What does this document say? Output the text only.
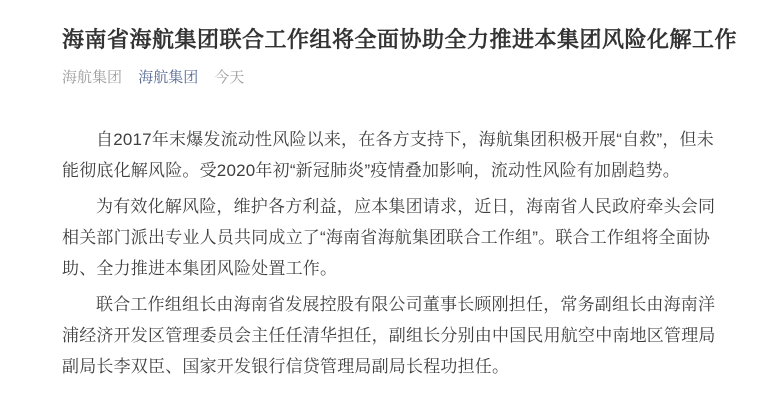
海南省海航集团联合工作组将全面协助全力推进本集团风险化解工作
海航集团 海航集团 今天
自2017年末爆发流动性风险以来，在各方支持下，海航集团积极开展“自救”，但未
能彻底化解风险。受2020年初“新冠肺炎”疫情叠加影响，流动性风险有加剧趋势。
为有效化解风险，维护各方利益，应本集团请求，近日，海南省人民政府牵头会同
相关部门派出专业人员共同成立了“海南省海航集团联合工作组”。联合工作组将全面协
助、全力推进本集团风险处置工作。
联合工作组组长由海南省发展控股有限公司董事长顾刚担任，常务副组长由海南洋
浦经济开发区管理委员会主任任清华担任，副组长分别由中国民用航空中南地区管理局
副局长李双臣、国家开发银行信贷管理局副局长程功担任。
